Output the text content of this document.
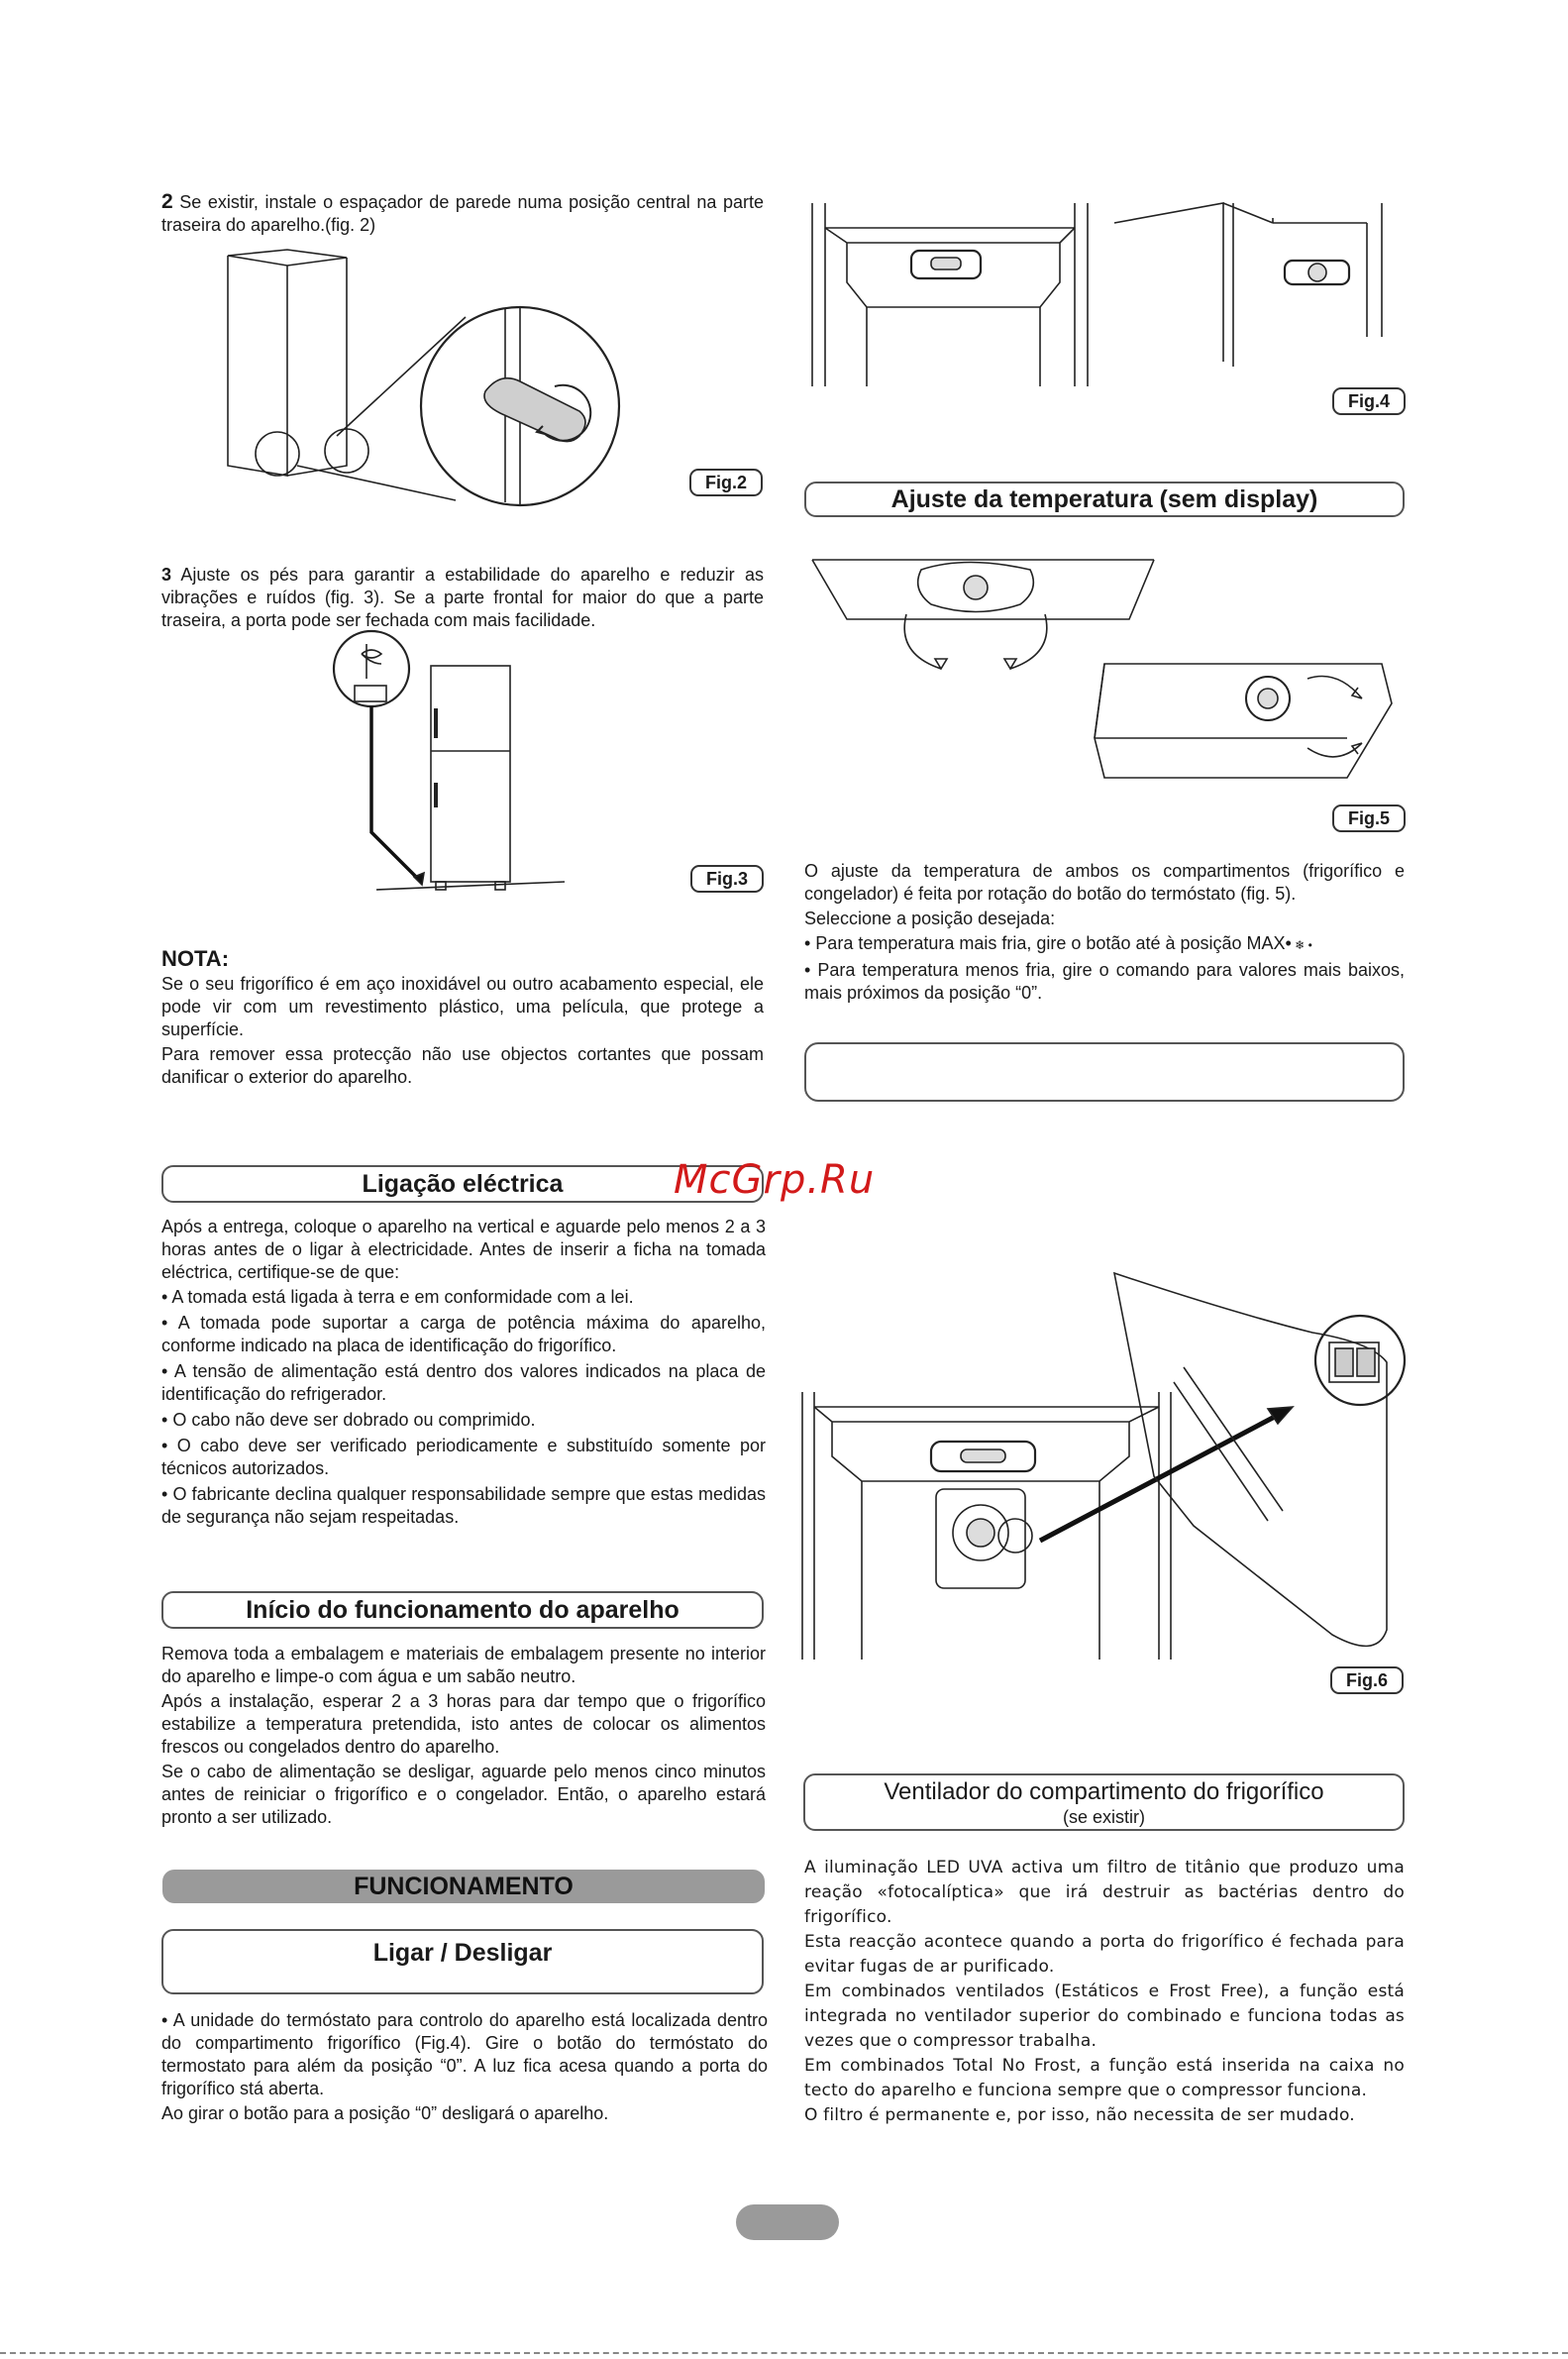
2 Se existir, instale o espaçador de parede numa posição central na parte traseira do aparelho.(fig. 2)
Fig.2
3 Ajuste os pés para garantir a estabilidade do aparelho e reduzir as vibrações e ruídos (fig. 3). Se a parte frontal for maior do que a parte traseira, a porta pode ser fechada com mais facilidade.
Fig.3
NOTA:

Se o seu frigorífico é em aço inoxidável ou outro acabamento especial, ele pode vir com um revestimento plástico, uma película, que protege a superfície.

Para remover essa protecção não use objectos cortantes que possam danificar o exterior do aparelho.

Ligação eléctrica

Após a entrega, coloque o aparelho na vertical e aguarde pelo menos 2 a 3 horas antes de o ligar à electricidade. Antes de inserir a ficha na tomada eléctrica, certifique-se de que:

• A tomada está ligada à terra e em conformidade com a lei.
• A tomada pode suportar a carga de potência máxima do aparelho, conforme indicado na placa de identificação do frigorífico.
• A tensão de alimentação está dentro dos valores indicados na placa de identificação do refrigerador.
• O cabo não deve ser dobrado ou comprimido.
• O cabo deve ser verificado periodicamente e substituído somente por técnicos autorizados.
• O fabricante declina qualquer responsabilidade sempre que estas medidas de segurança não sejam respeitadas.
Início do funcionamento do aparelho

Remova toda a embalagem e materiais de embalagem presente no interior do aparelho e limpe-o com água e um sabão neutro.

Após a instalação, esperar 2 a 3 horas para dar tempo que o frigorífico estabilize a temperatura pretendida, isto antes de colocar os alimentos frescos ou congelados dentro do aparelho.

Se o cabo de alimentação se desligar, aguarde pelo menos cinco minutos antes de reiniciar o frigorífico e o congelador. Então, o aparelho estará pronto a ser utilizado.

FUNCIONAMENTO
Ligar / Desligar

• A unidade do termóstato para controlo do aparelho está localizada dentro do compartimento frigorífico (Fig.4). Gire o botão do termóstato do termostato para além da posição “0”. A luz fica acesa quando a porta do frigorífico stá aberta.

Ao girar o botão para a posição “0” desligará o aparelho.

Fig.4
Ajuste da temperatura (sem display)
Fig.5

O ajuste da temperatura de ambos os compartimentos (frigorífico e congelador) é feita por rotação do botão do termóstato (fig. 5).

Seleccione a posição desejada:

• Para temperatura mais fria, gire o botão até à posição MAX• ❄ •

• Para temperatura menos fria, gire o comando para valores mais baixos, mais próximos da posição “0”.

McGrp.Ru
Fig.6
Ventilador do compartimento do frigorífico
(se existir)

A iluminação LED UVA activa um filtro de titânio que produzo uma reação «fotocalíptica» que irá destruir as bactérias dentro do frigorífico.

Esta reacção acontece quando a porta do frigorífico é fechada para evitar fugas de ar purificado.

Em combinados ventilados (Estáticos e Frost Free), a função está integrada no ventilador superior do combinado e funciona todas as vezes que o compressor trabalha.

Em combinados Total No Frost, a função está inserida na caixa no tecto do aparelho e funciona sempre que o compressor funciona.

O filtro é permanente e, por isso, não necessita de ser mudado.
